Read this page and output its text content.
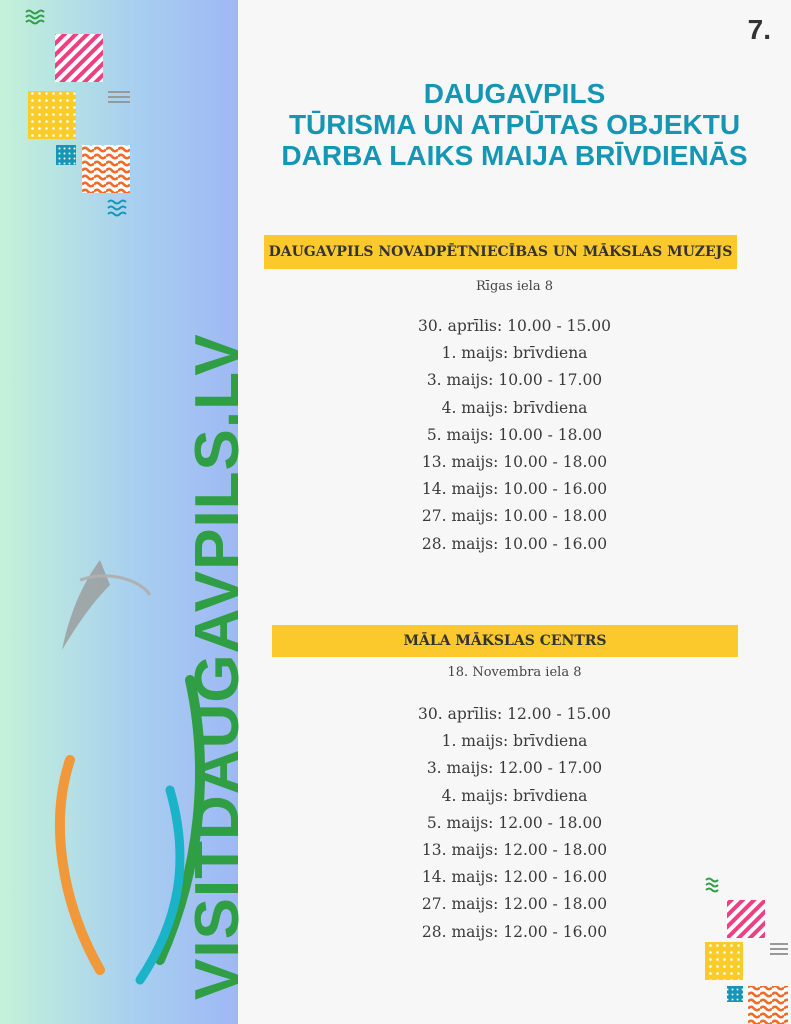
VISITDAUGAVPILS.LV
7.
DAUGAVPILS
TŪRISMA UN ATPŪTAS OBJEKTU
DARBA LAIKS MAIJA BRĪVDIENĀS
DAUGAVPILS NOVADPĒTNIECĪBAS UN MĀKSLAS MUZEJS
Rīgas iela 8
30. aprīlis: 10.00 - 15.00
1. maijs: brīvdiena
3. maijs: 10.00 - 17.00
4. maijs: brīvdiena
5. maijs: 10.00 - 18.00
13. maijs: 10.00 - 18.00
14. maijs: 10.00 - 16.00
27. maijs: 10.00 - 18.00
28. maijs: 10.00 - 16.00
MĀLA MĀKSLAS CENTRS
18. Novembra iela 8
30. aprīlis: 12.00 - 15.00
1. maijs: brīvdiena
3. maijs: 12.00 - 17.00
4. maijs: brīvdiena
5. maijs: 12.00 - 18.00
13. maijs: 12.00 - 18.00
14. maijs: 12.00 - 16.00
27. maijs: 12.00 - 18.00
28. maijs: 12.00 - 16.00
